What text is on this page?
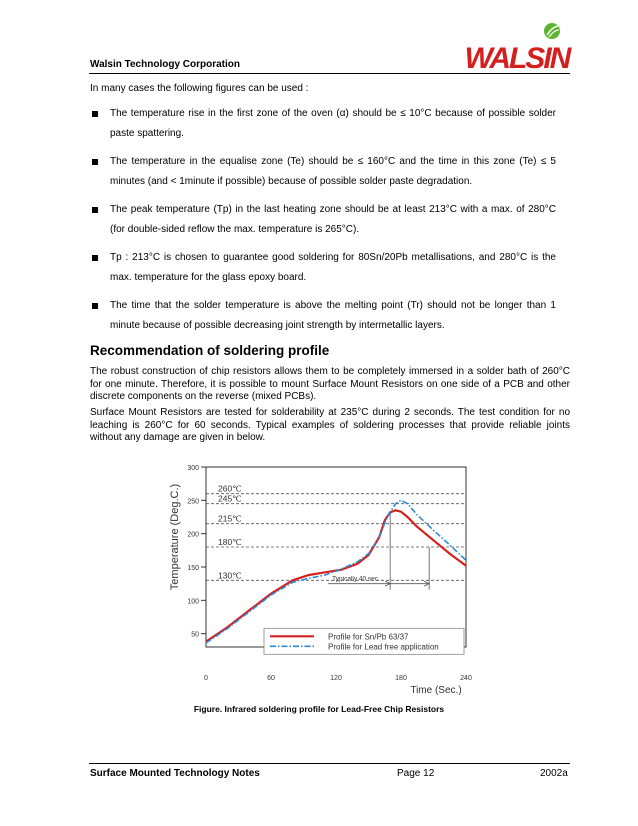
Walsin Technology Corporation	WALSIN
In many cases the following figures can be used :
The temperature rise in the first zone of the oven (α) should be ≤ 10°C because of possible solder paste spattering.
The temperature in the equalise zone (Te) should be ≤ 160°C and the time in this zone (Te) ≤ 5 minutes (and < 1minute if possible) because of possible solder paste degradation.
The peak temperature (Tp) in the last heating zone should be at least 213°C with a max. of 280°C (for double-sided reflow the max. temperature is 265°C).
Tp : 213°C is chosen to guarantee good soldering for 80Sn/20Pb metallisations, and 280°C is the max. temperature for the glass epoxy board.
The time that the solder temperature is above the melting point (Tr) should not be longer than 1 minute because of possible decreasing joint strength by intermetallic layers.
Recommendation of soldering profile
The robust construction of chip resistors allows them to be completely immersed in a solder bath of 260°C for one minute. Therefore, it is possible to mount Surface Mount Resistors on one side of a PCB and other discrete components on the reverse (mixed PCBs).
Surface Mount Resistors are tested for solderability at 235°C during 2 seconds. The test condition for no leaching is 260°C for 60 seconds. Typical examples of soldering processes that provide reliable joints without any damage are given in below.
50
100
150
200
250
300
0	60	120	180	240
260℃
245℃
215℃
180℃
130℃	Typically 40 sec
Profile for Sn/Pb 63/37
Profile for Lead free application
Time (Sec.)
Temperature (Deg.C.)
Figure. Infrared soldering profile for Lead-Free Chip Resistors
Surface Mounted Technology Notes	Page 12	2002a
